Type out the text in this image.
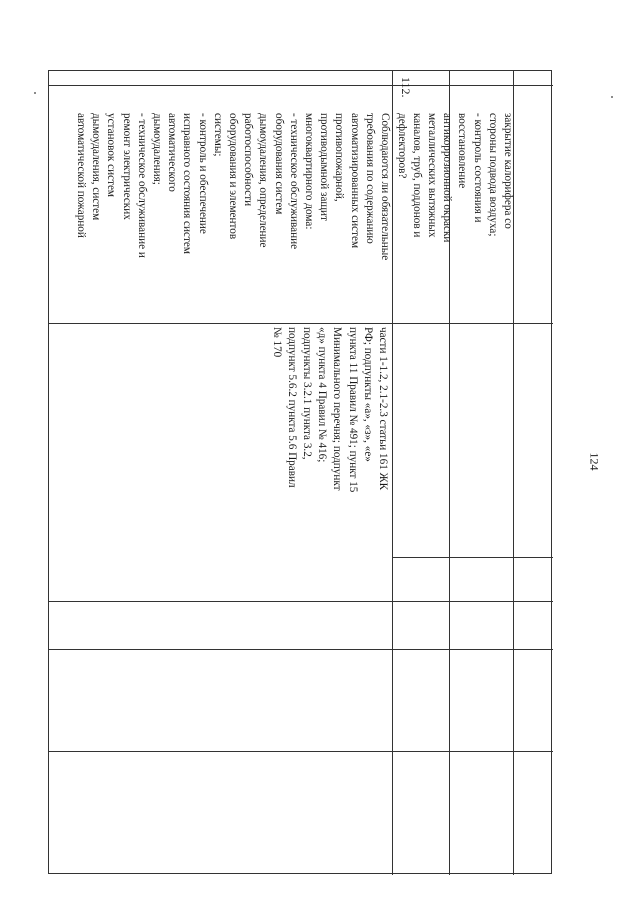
124
112.
закрытие калорифера со
стороны подвода воздуха;
- контроль состояния и
восстановление
антикоррозионной окраски
металлических вытяжных
каналов, труб, поддонов и
дефлекторов?
Соблюдаются ли обязательные
требования по содержанию
автоматизированных систем
противопожарной,
противодымной защит
многоквартирного дома:
- техническое обслуживание
оборудования систем
дымоудаления, определение
работоспособности
оборудования и элементов
системы;
- контроль и обеспечение
исправного состояния систем
автоматического
дымоудаления;
- техническое обслуживание и
ремонт электрических
установок систем
дымоудаления, систем
автоматической пожарной
части 1-1.2, 2.1-2.3 статьи 161 ЖК
РФ; подпункты «а», «з», «е»
пункта 11 Правил № 491; пункт 15
Минимального перечня; подпункт
«д» пункта 4 Правил № 416;
подпункты 3.2.1 пункта 3.2,
подпункт 5.6.2 пункта 5.6 Правил
№ 170
